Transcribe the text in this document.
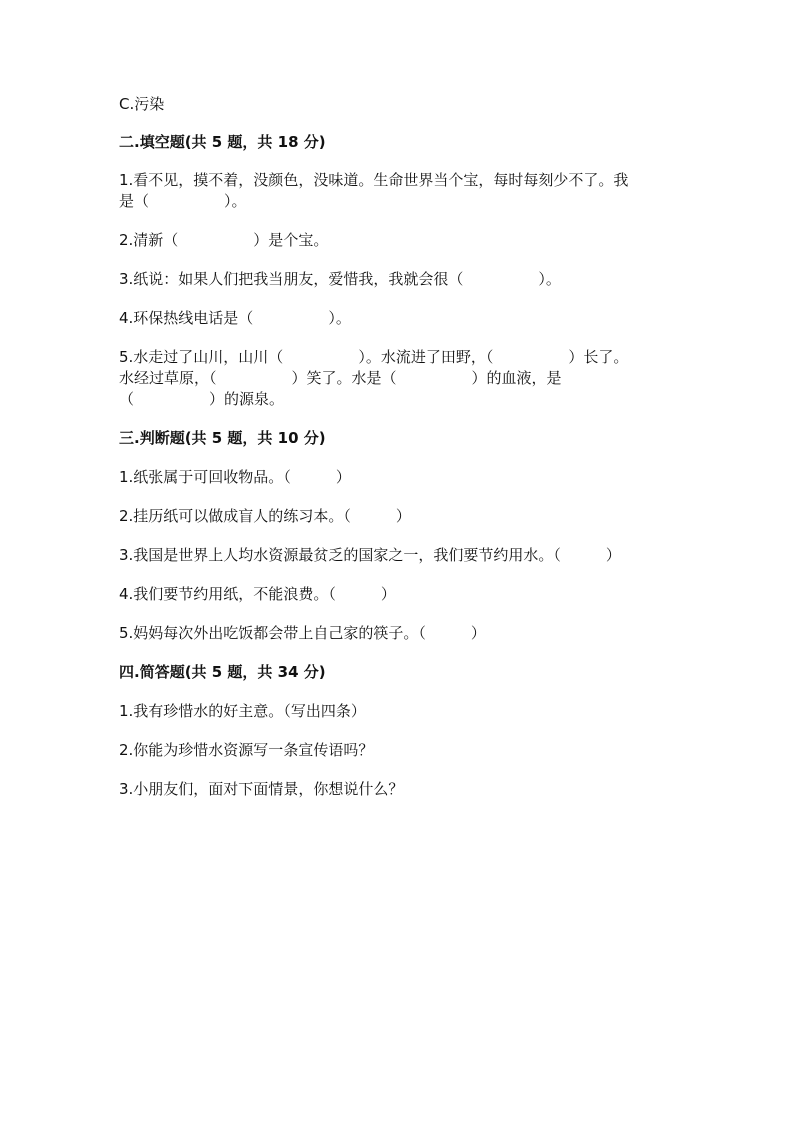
C.污染
二.填空题(共 5 题，共 18 分)
1.看不见，摸不着，没颜色，没味道。生命世界当个宝，每时每刻少不了。我
是（　　　　　）。
2.清新（　　　　　）是个宝。
3.纸说：如果人们把我当朋友，爱惜我，我就会很（　　　　　）。
4.环保热线电话是（　　　　　）。
5.水走过了山川，山川（　　　　　）。水流进了田野，（　　　　　）长了。
水经过草原，（　　　　　）笑了。水是（　　　　　）的血液，是
（　　　　　）的源泉。
三.判断题(共 5 题，共 10 分)
1.纸张属于可回收物品。（　　　）
2.挂历纸可以做成盲人的练习本。（　　　）
3.我国是世界上人均水资源最贫乏的国家之一，我们要节约用水。（　　　）
4.我们要节约用纸，不能浪费。（　　　）
5.妈妈每次外出吃饭都会带上自己家的筷子。（　　　）
四.简答题(共 5 题，共 34 分)
1.我有珍惜水的好主意。（写出四条）
2.你能为珍惜水资源写一条宣传语吗？
3.小朋友们，面对下面情景，你想说什么？
